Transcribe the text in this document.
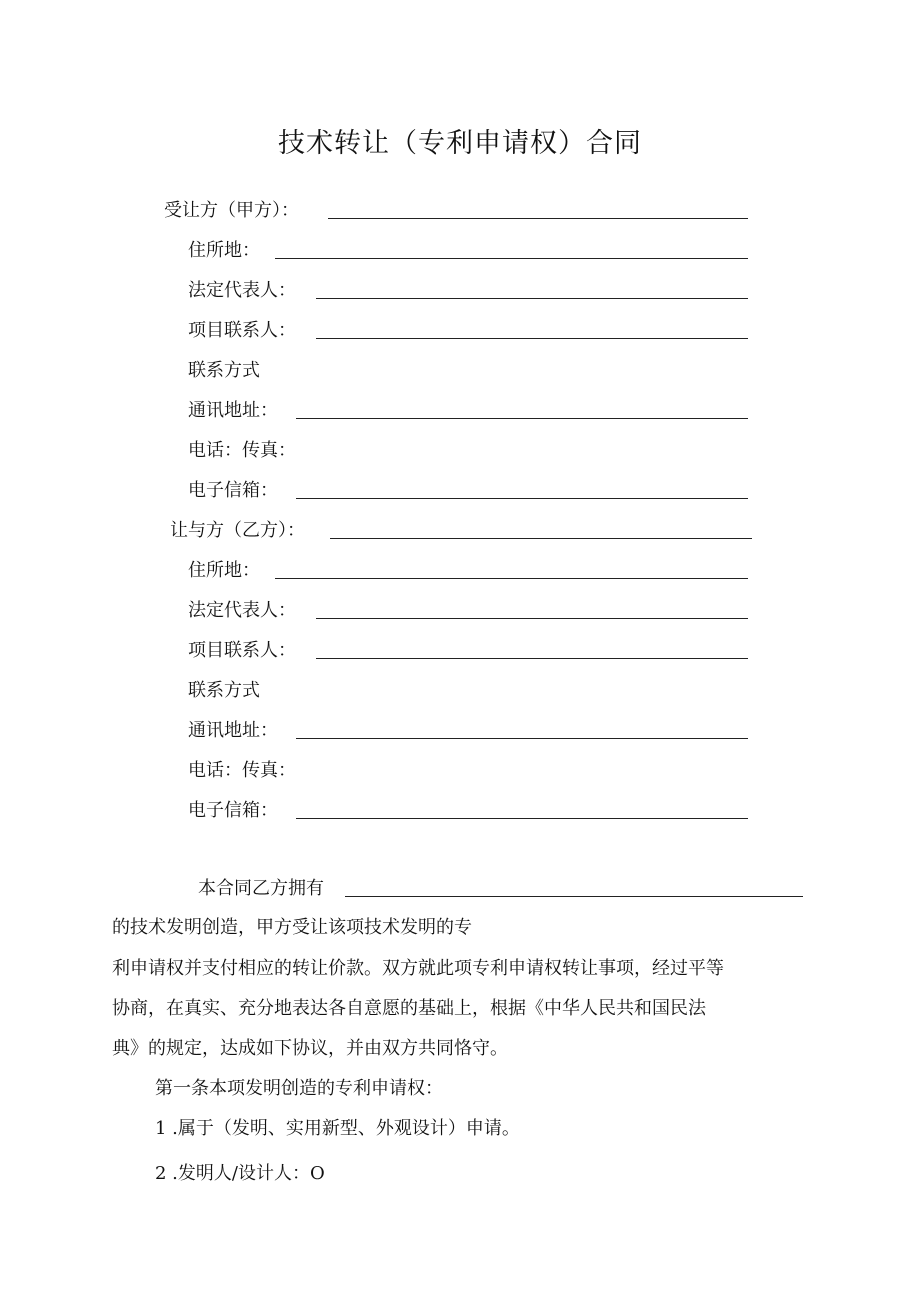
技术转让（专利申请权）合同
受让方（甲方）：
住所地：
法定代表人：
项目联系人：
联系方式
通讯地址：
电话：传真：
电子信箱：
让与方（乙方）：
住所地：
法定代表人：
项目联系人：
联系方式
通讯地址：
电话：传真：
电子信箱：
本合同乙方拥有
的技术发明创造，甲方受让该项技术发明的专
利申请权并支付相应的转让价款。双方就此项专利申请权转让事项，经过平等
协商，在真实、充分地表达各自意愿的基础上，根据《中华人民共和国民法
典》的规定，达成如下协议，并由双方共同恪守。
第一条本项发明创造的专利申请权：
1 .属于（发明、实用新型、外观设计）申请。
2 .发明人/设计人：O
